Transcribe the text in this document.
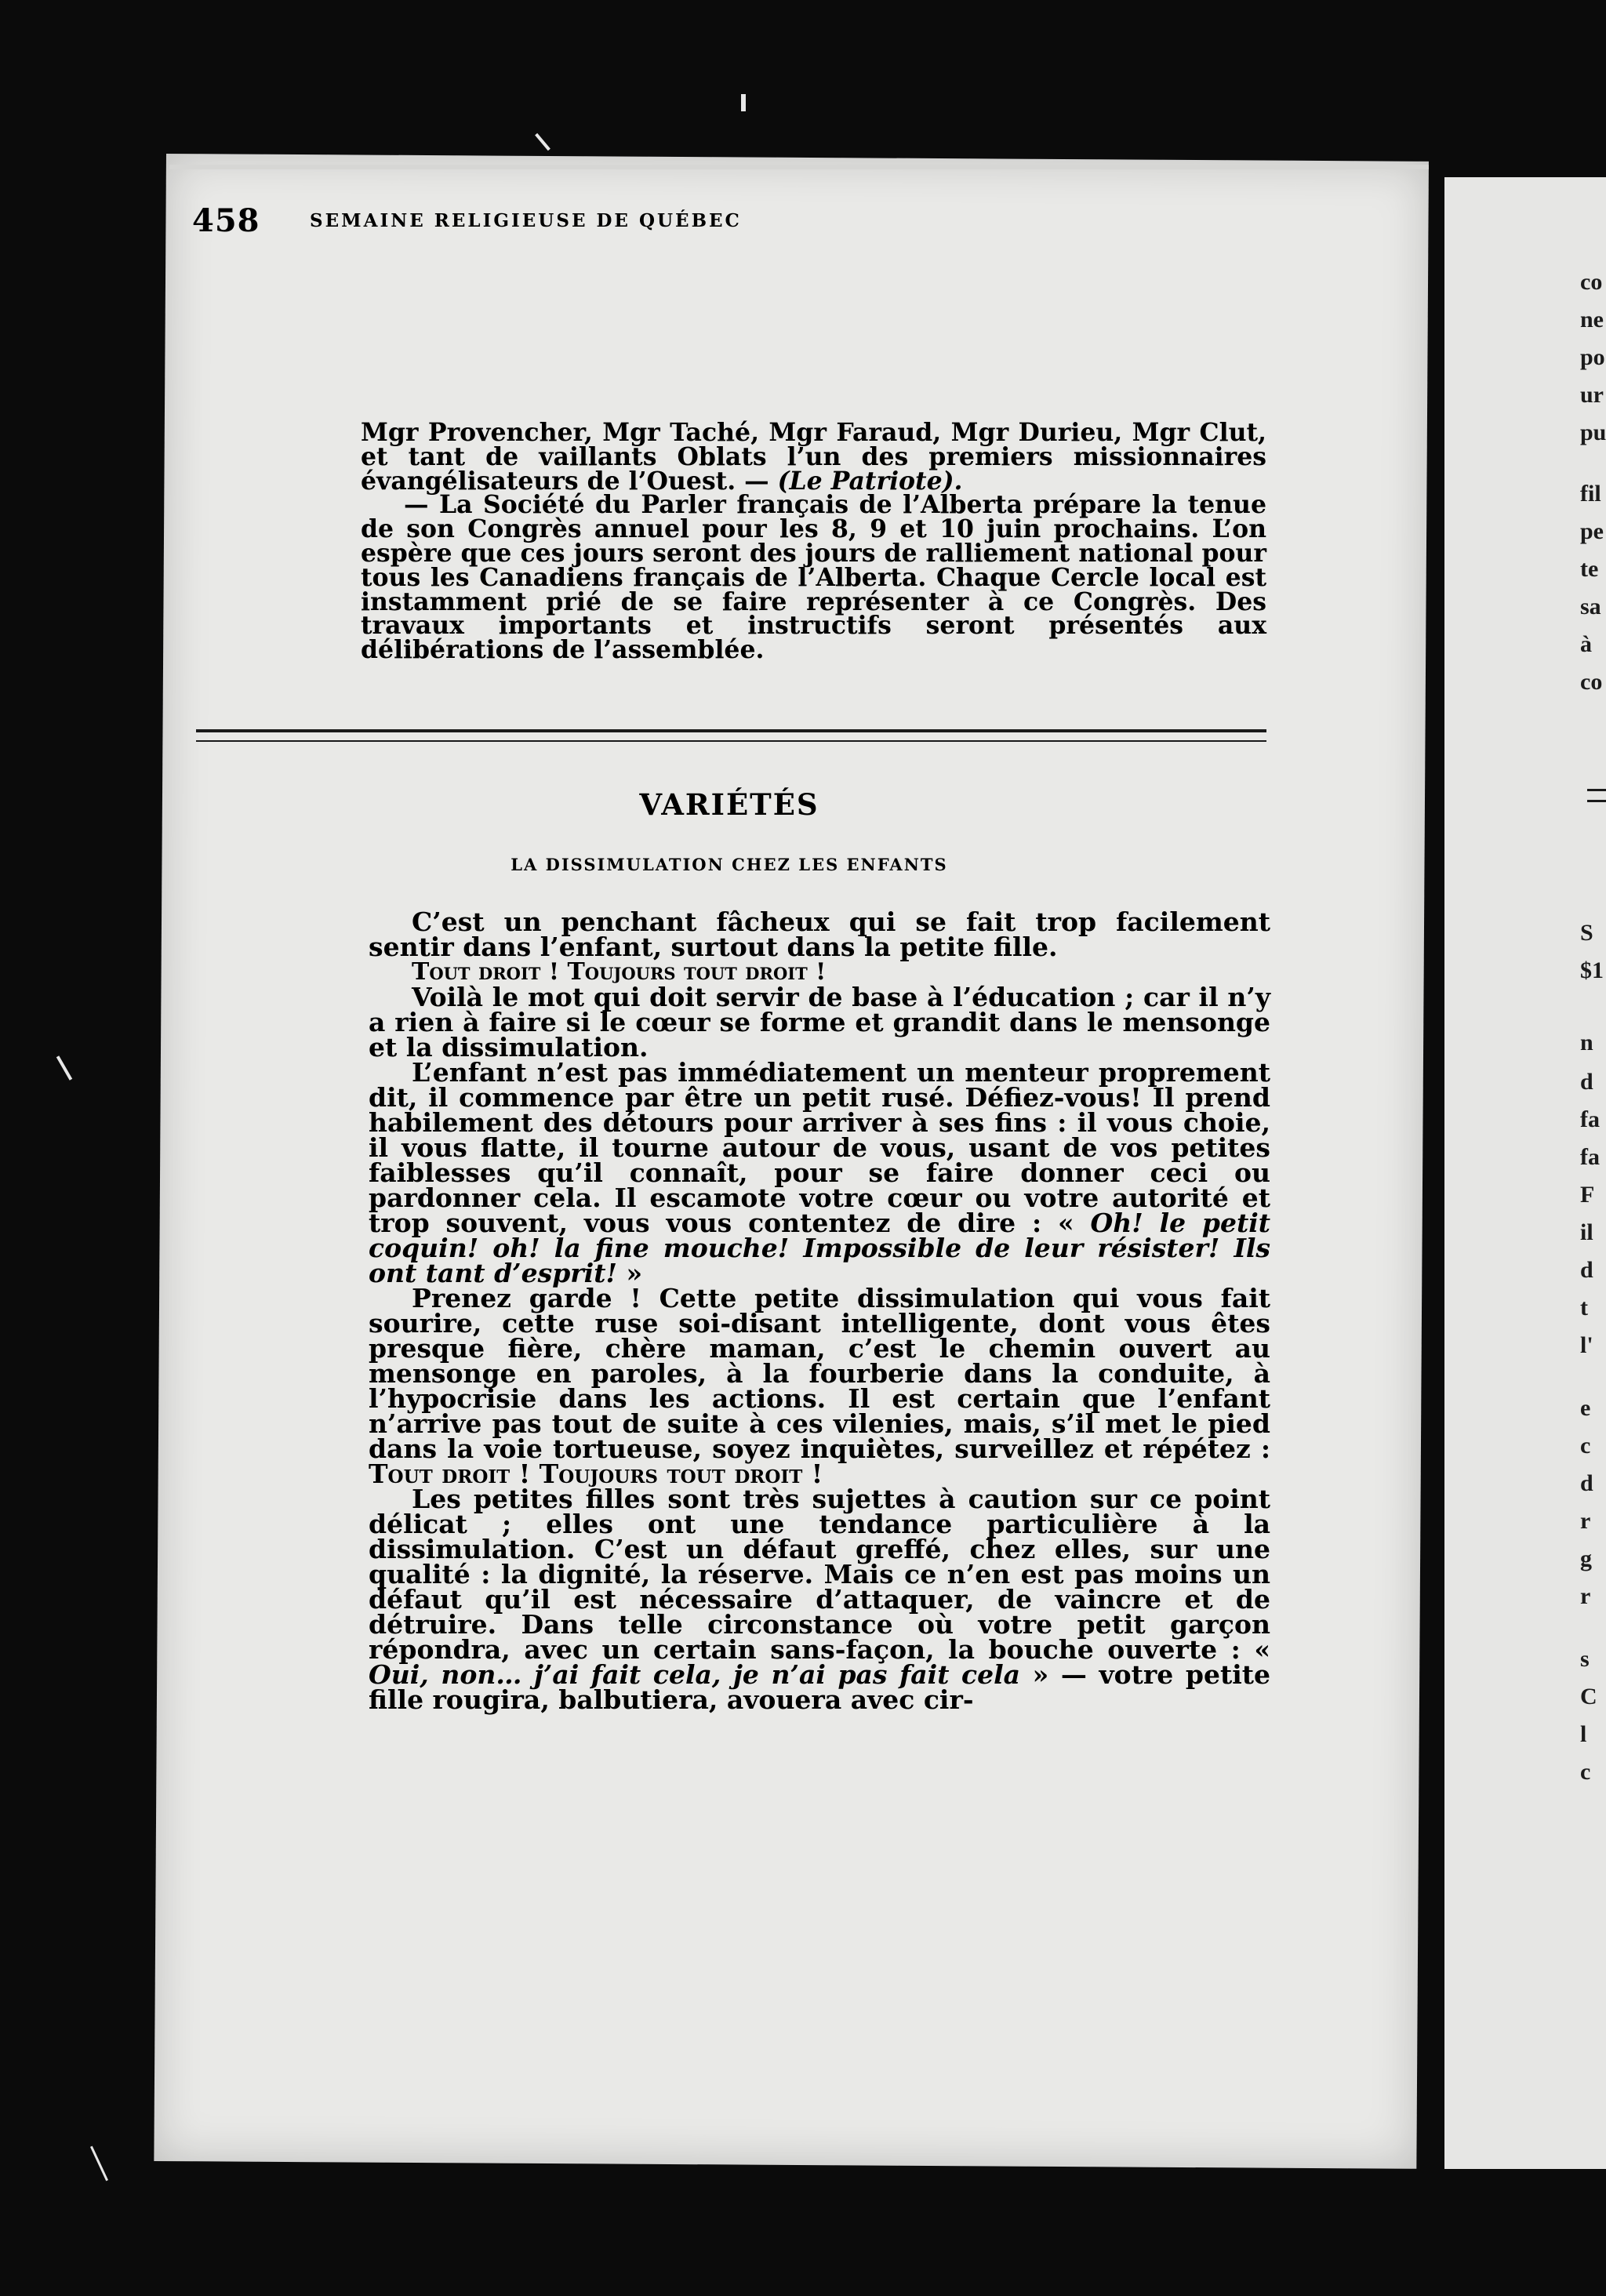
co
ne
po
ur
pu
fil
pe
te
sa
à
co
S
$1
n
d
fa
fa
F
il
d
t
l'
e
c
d
r
g
r
s
C
l
c
458	SEMAINE RELIGIEUSE DE QUÉBEC

Mgr Provencher, Mgr Taché, Mgr Faraud, Mgr Durieu, Mgr Clut, et tant de vaillants Oblats l’un des premiers missionnaires évangélisateurs de l’Ouest. — (Le Patriote).

— La Société du Parler français de l’Alberta prépare la tenue de son Congrès annuel pour les 8, 9 et 10 juin prochains. L’on espère que ces jours seront des jours de ralliement national pour tous les Canadiens français de l’Alberta. Chaque Cercle local est instamment prié de se faire représenter à ce Congrès. Des travaux importants et instructifs seront présentés aux délibérations de l’assemblée.

VARIÉTÉS
LA DISSIMULATION CHEZ LES ENFANTS

C’est un penchant fâcheux qui se fait trop facilement sentir dans l’enfant, surtout dans la petite fille.

Tout droit ! Toujours tout droit !

Voilà le mot qui doit servir de base à l’éducation ; car il n’y a rien à faire si le cœur se forme et grandit dans le mensonge et la dissimulation.

L’enfant n’est pas immédiatement un menteur proprement dit, il commence par être un petit rusé. Défiez-vous! Il prend habilement des détours pour arriver à ses fins : il vous choie, il vous flatte, il tourne autour de vous, usant de vos petites faiblesses qu’il connaît, pour se faire donner ceci ou pardonner cela. Il escamote votre cœur ou votre autorité et trop souvent, vous vous contentez de dire : « Oh! le petit coquin! oh! la fine mouche! Impossible de leur résister! Ils ont tant d’esprit! »

Prenez garde ! Cette petite dissimulation qui vous fait sourire, cette ruse soi-disant intelligente, dont vous êtes presque fière, chère maman, c’est le chemin ouvert au mensonge en paroles, à la fourberie dans la conduite, à l’hypocrisie dans les actions. Il est certain que l’enfant n’arrive pas tout de suite à ces vilenies, mais, s’il met le pied dans la voie tortueuse, soyez inquiètes, surveillez et répétez : Tout droit ! Toujours tout droit !

Les petites filles sont très sujettes à caution sur ce point délicat ; elles ont une tendance particulière à la dissimulation. C’est un défaut greffé, chez elles, sur une qualité : la dignité, la réserve. Mais ce n’en est pas moins un défaut qu’il est nécessaire d’attaquer, de vaincre et de détruire. Dans telle circonstance où votre petit garçon répondra, avec un certain sans-façon, la bouche ouverte : « Oui, non… j’ai fait cela, je n’ai pas fait cela » — votre petite fille rougira, balbutiera, avouera avec cir-
